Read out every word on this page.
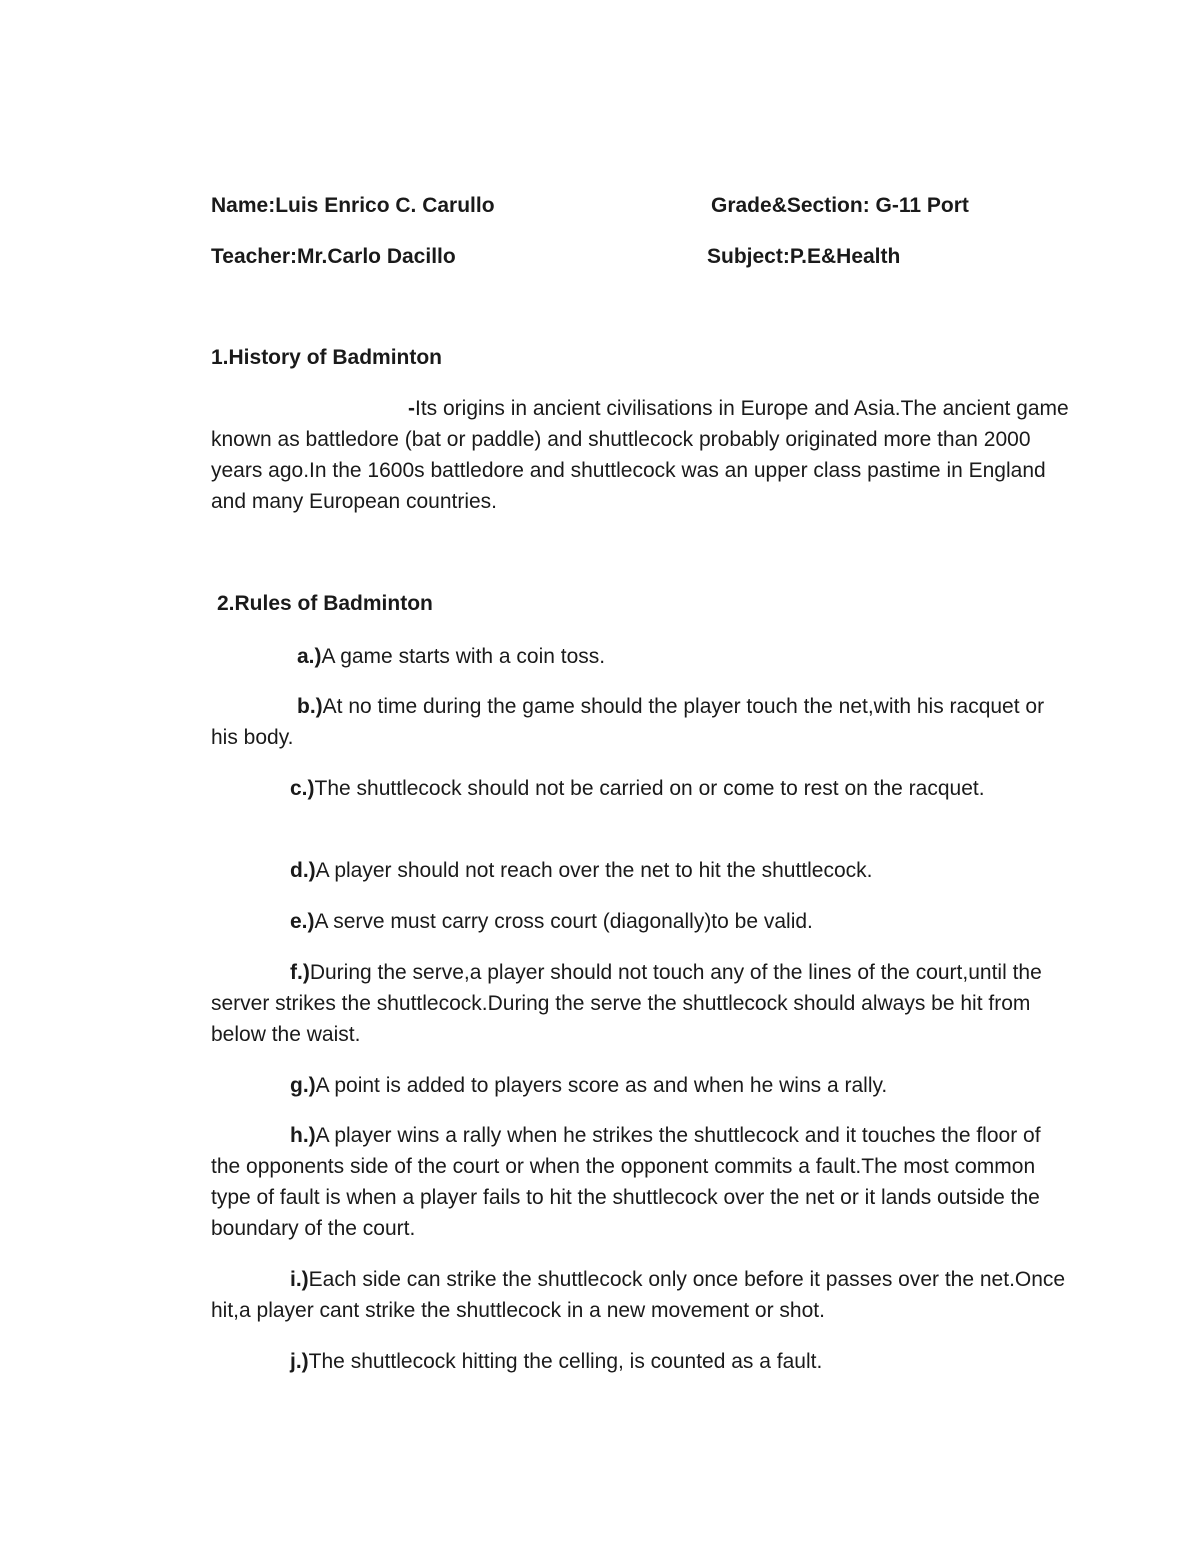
Name:Luis Enrico C. Carullo	Grade&Section: G-11 Port
Teacher:Mr.Carlo Dacillo	Subject:P.E&Health
1.History of Badminton
-Its origins in ancient civilisations in Europe and Asia.The ancient game known as battledore (bat or paddle) and shuttlecock probably originated more than 2000 years ago.In the 1600s battledore and shuttlecock was an upper class pastime in England and many European countries.
2.Rules of Badminton
a.)A game starts with a coin toss.
b.)At no time during the game should the player touch the net,with his racquet or his body.
c.)The shuttlecock should not be carried on or come to rest on the racquet.
d.)A player should not reach over the net to hit the shuttlecock.
e.)A serve must carry cross court (diagonally)to be valid.
f.)During the serve,a player should not touch any of the lines of the court,until the server strikes the shuttlecock.During the serve the shuttlecock should always be hit from below the waist.
g.)A point is added to players score as and when he wins a rally.
h.)A player wins a rally when he strikes the shuttlecock and it touches the floor of the opponents side of the court or when the opponent commits a fault.The most common type of fault is when a player fails to hit the shuttlecock over the net or it lands outside the boundary of the court.
i.)Each side can strike the shuttlecock only once before it passes over the net.Once hit,a player cant strike the shuttlecock in a new movement or shot.
j.)The shuttlecock hitting the celling, is counted as a fault.
